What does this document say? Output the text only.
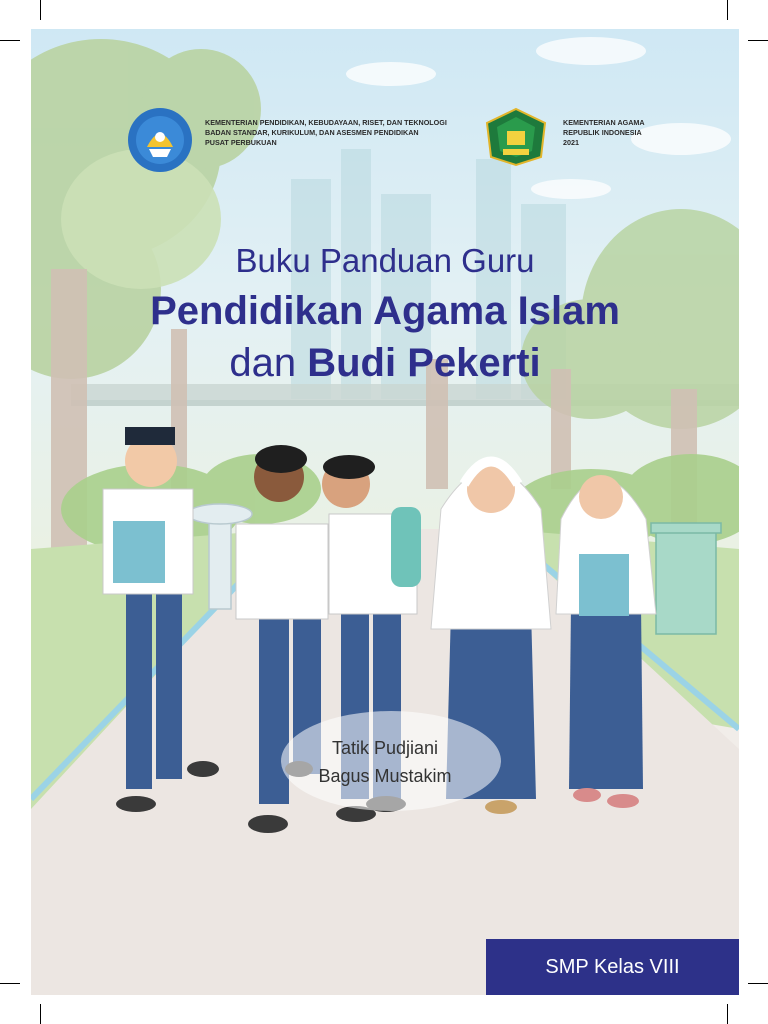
KEMENTERIAN PENDIDIKAN, KEBUDAYAAN, RISET, DAN TEKNOLOGI
BADAN STANDAR, KURIKULUM, DAN ASESMEN PENDIDIKAN
PUSAT PERBUKUAN
KEMENTERIAN AGAMA
REPUBLIK INDONESIA
2021
Buku Panduan Guru
Pendidikan Agama Islam
dan Budi Pekerti
Tatik Pudjiani
Bagus Mustakim
SMP Kelas VIII
